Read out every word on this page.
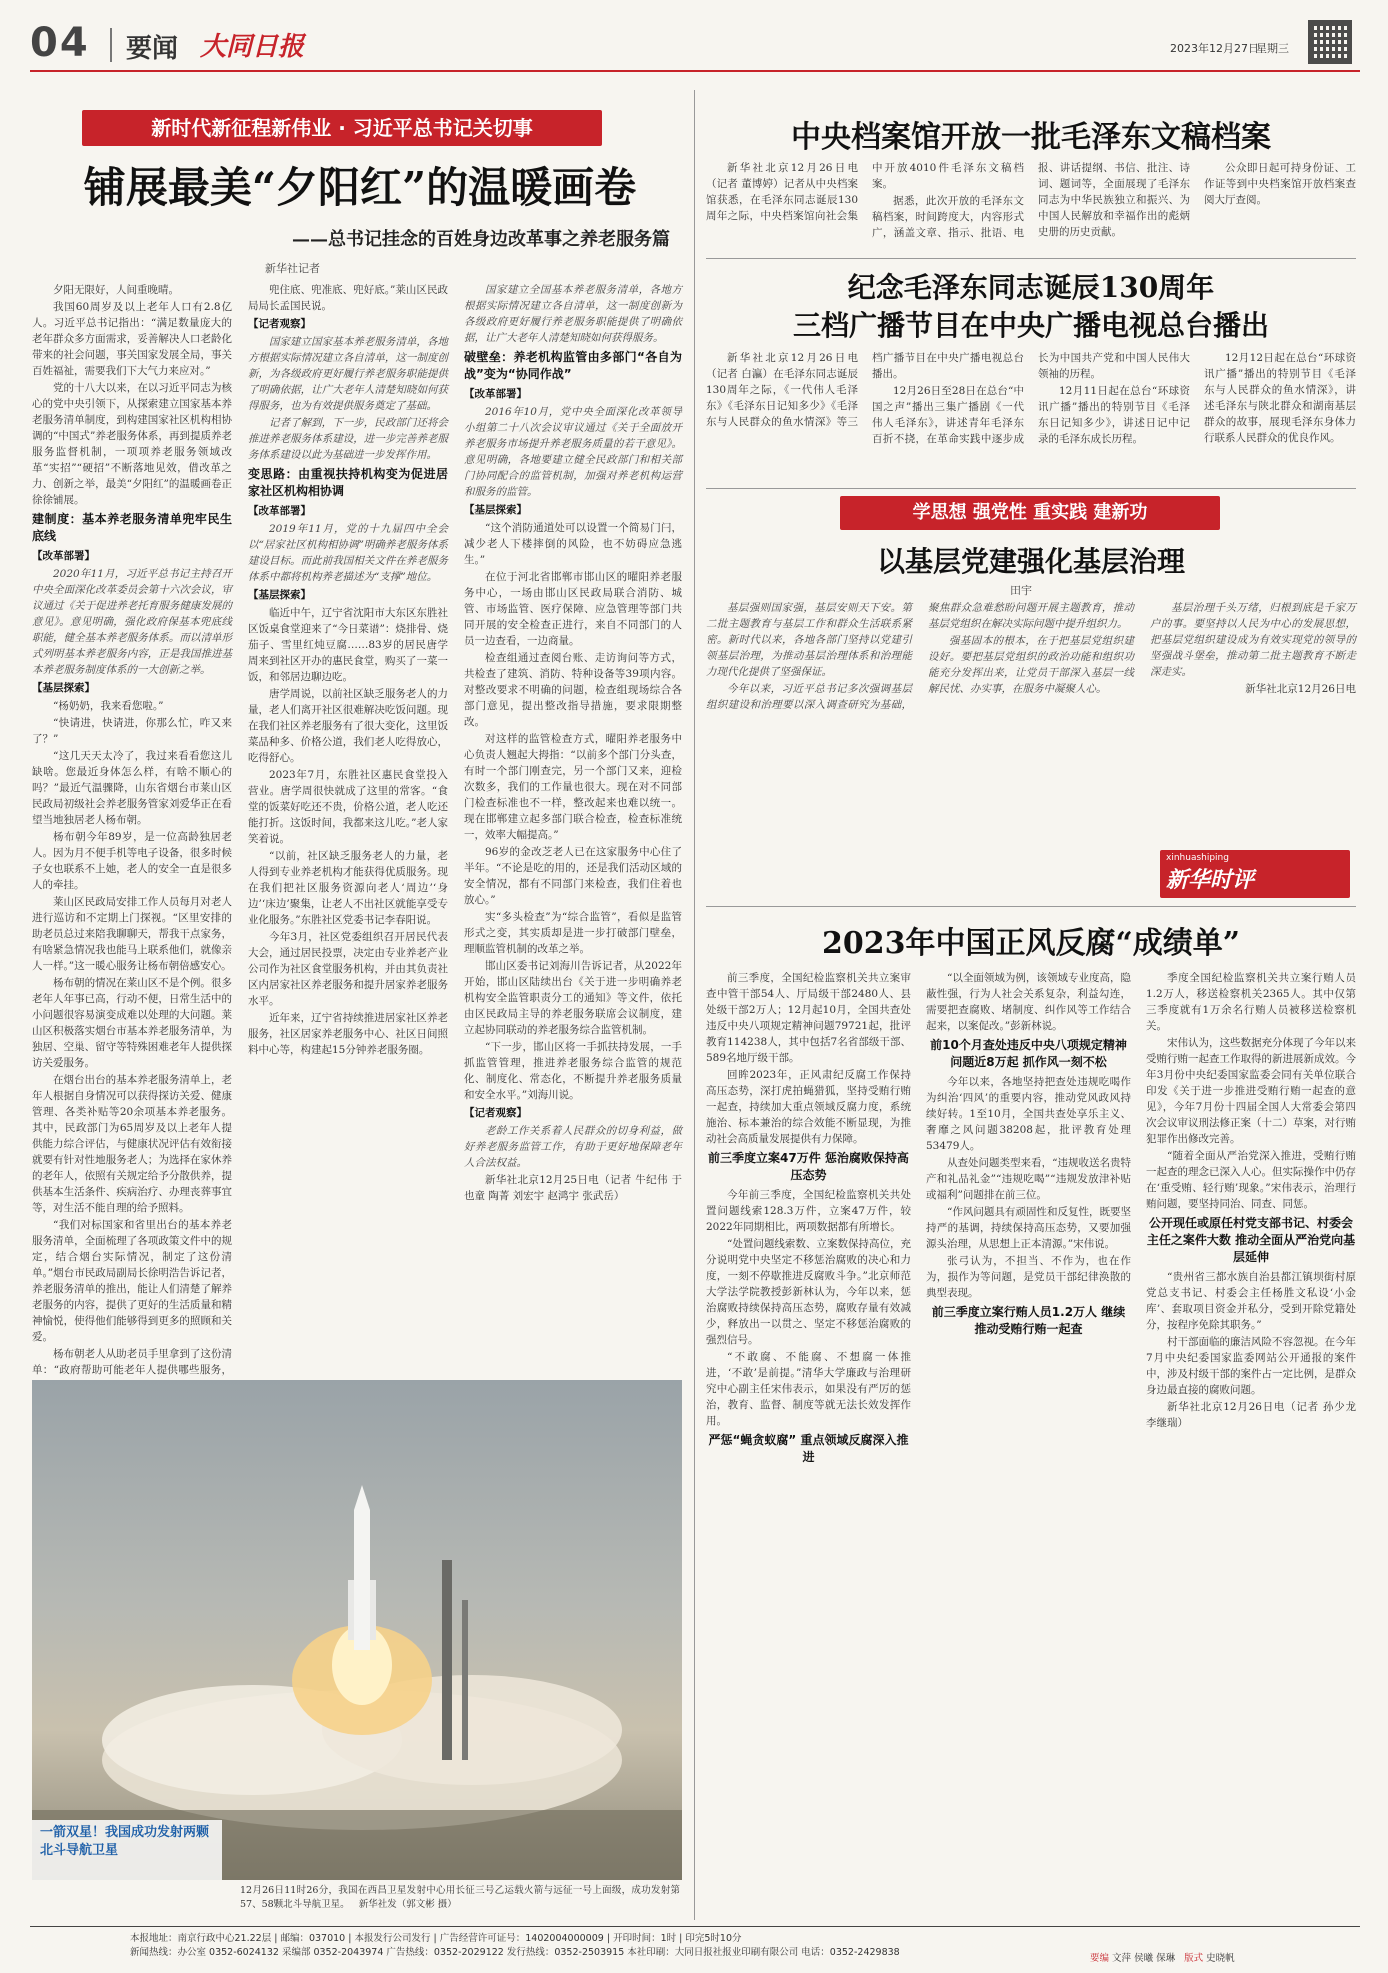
04 要闻 大同日报	2023年12月27日
星期三
新时代新征程新伟业 · 习近平总书记关切事
铺展最美“夕阳红”的温暖画卷
——总书记挂念的百姓身边改革事之养老服务篇
新华社记者

夕阳无限好，人间重晚晴。

我国60周岁及以上老年人口有2.8亿人。习近平总书记指出：“满足数量庞大的老年群众多方面需求，妥善解决人口老龄化带来的社会问题，事关国家发展全局，事关百姓福祉，需要我们下大气力来应对。”

党的十八大以来，在以习近平同志为核心的党中央引领下，从探索建立国家基本养老服务清单制度，到构建国家社区机构相协调的“中国式”养老服务体系，再到提质养老服务监督机制，一项项养老服务领域改革“实招”“硬招”不断落地见效，借改革之力、创新之举，最美“夕阳红”的温暖画卷正徐徐铺展。

建制度：基本养老服务清单兜牢民生底线
【改革部署】

2020年11月，习近平总书记主持召开中央全面深化改革委员会第十六次会议，审议通过《关于促进养老托育服务健康发展的意见》。意见明确，强化政府保基本兜底线职能，健全基本养老服务体系。而以清单形式列明基本养老服务内容，正是我国推进基本养老服务制度体系的一大创新之举。

【基层探索】

“杨奶奶，我来看您啦。”

“快请进，快请进，你那么忙，咋又来了？”

“这几天天太冷了，我过来看看您这儿缺啥。您最近身体怎么样，有啥不顺心的吗？”最近气温骤降，山东省烟台市莱山区民政局初级社会养老服务管家刘爱华正在看望当地独居老人杨布朝。

杨布朝今年89岁，是一位高龄独居老人。因为月不便手机等电子设备，很多时候子女也联系不上她，老人的安全一直是很多人的牵挂。

莱山区民政局安排工作人员每月对老人进行巡访和不定期上门探视。“区里安排的助老员总过来陪我聊聊天，帮我干点家务，有啥紧急情况我也能马上联系他们，就像亲人一样。”这一暖心服务让杨布朝倍感安心。

杨布朝的情况在莱山区不是个例。很多老年人年事已高，行动不便，日常生活中的小问题很容易演变成难以处理的大问题。莱山区积极落实烟台市基本养老服务清单，为独居、空巢、留守等特殊困难老年人提供探访关爱服务。

在烟台出台的基本养老服务清单上，老年人根据自身情况可以获得探访关爱、健康管理、各类补贴等20余项基本养老服务。其中，民政部门为65周岁及以上老年人提供能力综合评估，与健康状况评估有效衔接就要有针对性地服务老人；为选择在家休养的老年人，依照有关规定给予分散供养，提供基本生活条件、疾病治疗、办理丧葬事宜等，对生活不能自理的给予照料。

“我们对标国家和省里出台的基本养老服务清单，全面梳理了各项政策文件中的规定，结合烟台实际情况，制定了这份清单。”烟台市民政局副局长徐明浩告诉记者，养老服务清单的推出，能让人们清楚了解养老服务的内容，提供了更好的生活质量和精神愉悦，使得他们能够得到更多的照顾和关爱。

杨布朝老人从助老员手里拿到了这份清单：“政府帮助可能老年人提供哪些服务，

兜住底、兜准底、兜好底。”莱山区民政局局长孟国民说。

【记者观察】

国家建立国家基本养老服务清单，各地方根据实际情况建立各自清单，这一制度创新，为各级政府更好履行养老服务职能提供了明确依据，让广大老年人清楚知晓如何获得服务，也为有效提供服务奠定了基础。

记者了解到，下一步，民政部门还将会推进养老服务体系建设，进一步完善养老服务体系建设以此为基础进一步发挥作用。

变思路：由重视扶持机构变为促进居家社区机构相协调
【改革部署】

2019年11月，党的十九届四中全会以“居家社区机构相协调”明确养老服务体系建设目标。而此前我国相关文件在养老服务体系中都将机构养老描述为“支撑”地位。

【基层探索】

临近中午，辽宁省沈阳市大东区东胜社区饭桌食堂迎来了“今日菜谱”：烧排骨、烧茄子、雪里红炖豆腐……83岁的居民唐学周来到社区开办的惠民食堂，购买了一菜一饭，和邻居边聊边吃。

唐学周说，以前社区缺乏服务老人的力量，老人们离开社区很难解决吃饭问题。现在我们社区养老服务有了很大变化，这里饭菜品种多、价格公道，我们老人吃得放心，吃得舒心。

2023年7月，东胜社区惠民食堂投入营业。唐学周很快就成了这里的常客。“食堂的饭菜好吃还不贵，价格公道，老人吃还能打折。这饭时间，我都来这儿吃。”老人家笑着说。

“以前，社区缺乏服务老人的力量，老人得到专业养老机构才能获得优质服务。现在我们把社区服务资源向老人‘周边’‘身边’‘床边’聚集，让老人不出社区就能享受专业化服务。”东胜社区党委书记李春阳说。

今年3月，社区党委组织召开居民代表大会，通过居民投票，决定由专业养老产业公司作为社区食堂服务机构，并由其负责社区内居家社区养老服务和提升居家养老服务水平。

近年来，辽宁省持续推进居家社区养老服务，社区居家养老服务中心、社区日间照料中心等，构建起15分钟养老服务圈。

国家建立全国基本养老服务清单，各地方根据实际情况建立各自清单，这一制度创新为各级政府更好履行养老服务职能提供了明确依据，让广大老年人清楚知晓如何获得服务。

破壁垒：养老机构监管由多部门“各自为战”变为“协同作战”
【改革部署】

2016年10月，党中央全面深化改革领导小组第二十八次会议审议通过《关于全面放开养老服务市场提升养老服务质量的若干意见》。意见明确，各地要建立健全民政部门和相关部门协同配合的监管机制，加强对养老机构运营和服务的监管。

【基层探索】

“这个消防通道处可以设置一个简易门闩，减少老人下楼摔倒的风险，也不妨碍应急逃生。”

在位于河北省邯郸市邯山区的曜阳养老服务中心，一场由邯山区民政局联合消防、城管、市场监管、医疗保障、应急管理等部门共同开展的安全检查正进行，来自不同部门的人员一边查看，一边商量。

检查组通过查阅台账、走访询问等方式，共检查了建筑、消防、特种设备等39项内容。对整改要求不明确的问题，检查组现场综合各部门意见，提出整改指导措施，要求限期整改。

对这样的监管检查方式，曜阳养老服务中心负责人翘起大拇指：“以前多个部门分头查，有时一个部门刚查完，另一个部门又来，迎检次数多，我们的工作量也很大。现在对不同部门检查标准也不一样，整改起来也难以统一。现在邯郸建立起多部门联合检查，检查标准统一，效率大幅提高。”

96岁的金改芝老人已在这家服务中心住了半年。“不论是吃的用的，还是我们活动区域的安全情况，都有不同部门来检查，我们住着也放心。”

实“多头检查”为“综合监管”，看似是监管形式之变，其实质却是进一步打破部门壁垒，理顺监管机制的改革之举。

邯山区委书记刘海川告诉记者，从2022年开始，邯山区陆续出台《关于进一步明确养老机构安全监管职责分工的通知》等文件，依托由区民政局主导的养老服务联席会议制度，建立起协同联动的养老服务综合监管机制。

“下一步，邯山区将一手抓扶持发展，一手抓监管管理，推进养老服务综合监管的规范化、制度化、常态化，不断提升养老服务质量和安全水平。”刘海川说。

【记者观察】

老龄工作关系着人民群众的切身利益，做好养老服务监管工作，有助于更好地保障老年人合法权益。

新华社北京12月25日电（记者 牛纪伟 于也童 陶菁 刘宏宇 赵鸿宇 张武岳）

一箭双星！我国成功发射两颗北斗导航卫星
12月26日11时26分，我国在西昌卫星发射中心用长征三号乙运载火箭与远征一号上面级，成功发射第57、58颗北斗导航卫星。 新华社发（郭文彬 摄）
中央档案馆开放一批毛泽东文稿档案

新华社北京12月26日电（记者 董博婷）记者从中央档案馆获悉，在毛泽东同志诞辰130周年之际，中央档案馆向社会集中开放4010件毛泽东文稿档案。

据悉，此次开放的毛泽东文稿档案，时间跨度大，内容形式广，涵盖文章、指示、批语、电报、讲话提纲、书信、批注、诗词、题词等，全面展现了毛泽东同志为中华民族独立和振兴、为中国人民解放和幸福作出的彪炳史册的历史贡献。

公众即日起可持身份证、工作证等到中央档案馆开放档案查阅大厅查阅。

纪念毛泽东同志诞辰130周年
三档广播节目在中央广播电视总台播出

新华社北京12月26日电（记者 白瀛）在毛泽东同志诞辰130周年之际，《一代伟人毛泽东》《毛泽东日记知多少》《毛泽东与人民群众的鱼水情深》等三档广播节目在中央广播电视总台播出。

12月26日至28日在总台“中国之声”播出三集广播剧《一代伟人毛泽东》，讲述青年毛泽东百折不挠，在革命实践中逐步成长为中国共产党和中国人民伟大领袖的历程。

12月11日起在总台“环球资讯广播”播出的特别节目《毛泽东日记知多少》，讲述日记中记录的毛泽东成长历程。

12月12日起在总台“环球资讯广播”播出的特别节目《毛泽东与人民群众的鱼水情深》，讲述毛泽东与陕北群众和湖南基层群众的故事，展现毛泽东身体力行联系人民群众的优良作风。

学思想 强党性 重实践 建新功
以基层党建强化基层治理
田宇

基层强则国家强，基层安则天下安。第二批主题教育与基层工作和群众生活联系紧密。新时代以来，各地各部门坚持以党建引领基层治理，为推动基层治理体系和治理能力现代化提供了坚强保证。

今年以来，习近平总书记多次强调基层组织建设和治理要以深入调查研究为基础，聚焦群众急难愁盼问题开展主题教育，推动基层党组织在解决实际问题中提升组织力。

强基固本的根本，在于把基层党组织建设好。要把基层党组织的政治功能和组织功能充分发挥出来，让党员干部深入基层一线解民忧、办实事，在服务中凝聚人心。

基层治理千头万绪，归根到底是千家万户的事。要坚持以人民为中心的发展思想，把基层党组织建设成为有效实现党的领导的坚强战斗堡垒，推动第二批主题教育不断走深走实。

新华社北京12月26日电

xinhuashiping
新华时评
2023年中国正风反腐“成绩单”

前三季度，全国纪检监察机关共立案审查中管干部54人、厅局级干部2480人、县处级干部2万人；12月起10月，全国共查处违反中央八项规定精神问题79721起，批评教育114238人，其中包括7名省部级干部、589名地厅级干部。

回眸2023年，正风肃纪反腐工作保持高压态势，深打虎拍蝇猎狐，坚持受贿行贿一起查，持续加大重点领域反腐力度，系统施治、标本兼治的综合效能不断显现，为推动社会高质量发展提供有力保障。

前三季度立案47万件 惩治腐败保持高压态势

今年前三季度，全国纪检监察机关共处置问题线索128.3万件，立案47万件，较2022年同期相比，两项数据都有所增长。

“处置问题线索数、立案数保持高位，充分说明党中央坚定不移惩治腐败的决心和力度，一刻不停歇推进反腐败斗争。”北京师范大学法学院教授彭新林认为，今年以来，惩治腐败持续保持高压态势，腐败存量有效减少，释放出一以贯之、坚定不移惩治腐败的强烈信号。

“不敢腐、不能腐、不想腐一体推进，‘不敢’是前提。”清华大学廉政与治理研究中心副主任宋伟表示，如果没有严厉的惩治，教育、监督、制度等就无法长效发挥作用。

严惩“蝇贪蚁腐” 重点领域反腐深入推进

“以全面领域为例，该领域专业度高，隐蔽性强，行为人社会关系复杂，利益勾连，需要把查腐败、堵制度、纠作风等工作结合起来，以案促改。”彭新林说。

前10个月查处违反中央八项规定精神问题近8万起 抓作风一刻不松

今年以来，各地坚持把查处违规吃喝作为纠治‘四风’的重要内容，推动党风政风持续好转。1至10月，全国共查处享乐主义、奢靡之风问题38208起，批评教育处理53479人。

从查处问题类型来看，“违规收送名贵特产和礼品礼金”“违规吃喝”“违规发放津补贴或福利”问题排在前三位。

“作风问题具有顽固性和反复性，既要坚持严的基调，持续保持高压态势，又要加强源头治理，从思想上正本清源。”宋伟说。

张弓认为，不担当、不作为，也在作为，损作为等问题，是党员干部纪律涣散的典型表现。

前三季度立案行贿人员1.2万人 继续推动受贿行贿一起查

季度全国纪检监察机关共立案行贿人员1.2万人，移送检察机关2365人。其中仅第三季度就有1万余名行贿人员被移送检察机关。

宋伟认为，这些数据充分体现了今年以来受贿行贿一起查工作取得的新进展新成效。今年3月份中央纪委国家监委会同有关单位联合印发《关于进一步推进受贿行贿一起查的意见》，今年7月份十四届全国人大常委会第四次会议审议刑法修正案（十二）草案，对行贿犯罪作出修改完善。

“随着全面从严治党深入推进，受贿行贿一起查的理念已深入人心。但实际操作中仍存在‘重受贿、轻行贿’现象。”宋伟表示，治理行贿问题，要坚持同治、同查、同惩。

公开现任或原任村党支部书记、村委会主任之案件大数 推动全面从严治党向基层延伸

“贵州省三都水族自治县都江镇坝街村原党总支书记、村委会主任杨胜文私设‘小金库’、套取项目资金并私分，受到开除党籍处分，按程序免除其职务。”

村干部面临的廉洁风险不容忽视。在今年7月中央纪委国家监委网站公开通报的案件中，涉及村级干部的案件占一定比例，是群众身边最直接的腐败问题。

新华社北京12月26日电（记者 孙少龙 李继瑞）

本报地址：南京行政中心21.22层 | 邮编：037010 | 本报发行公司发行 | 广告经营许可证号：1402004000009 | 开印时间：1时 | 印完5时10分
新闻热线：办公室 0352-6024132 采编部 0352-2043974 广告热线：0352-2029122 发行热线：0352-2503915 本社印刷：大同日报社报业印刷有限公司 电话：0352-2429838
要编 文萍 侯曦 保琳 版式 史晓帆
